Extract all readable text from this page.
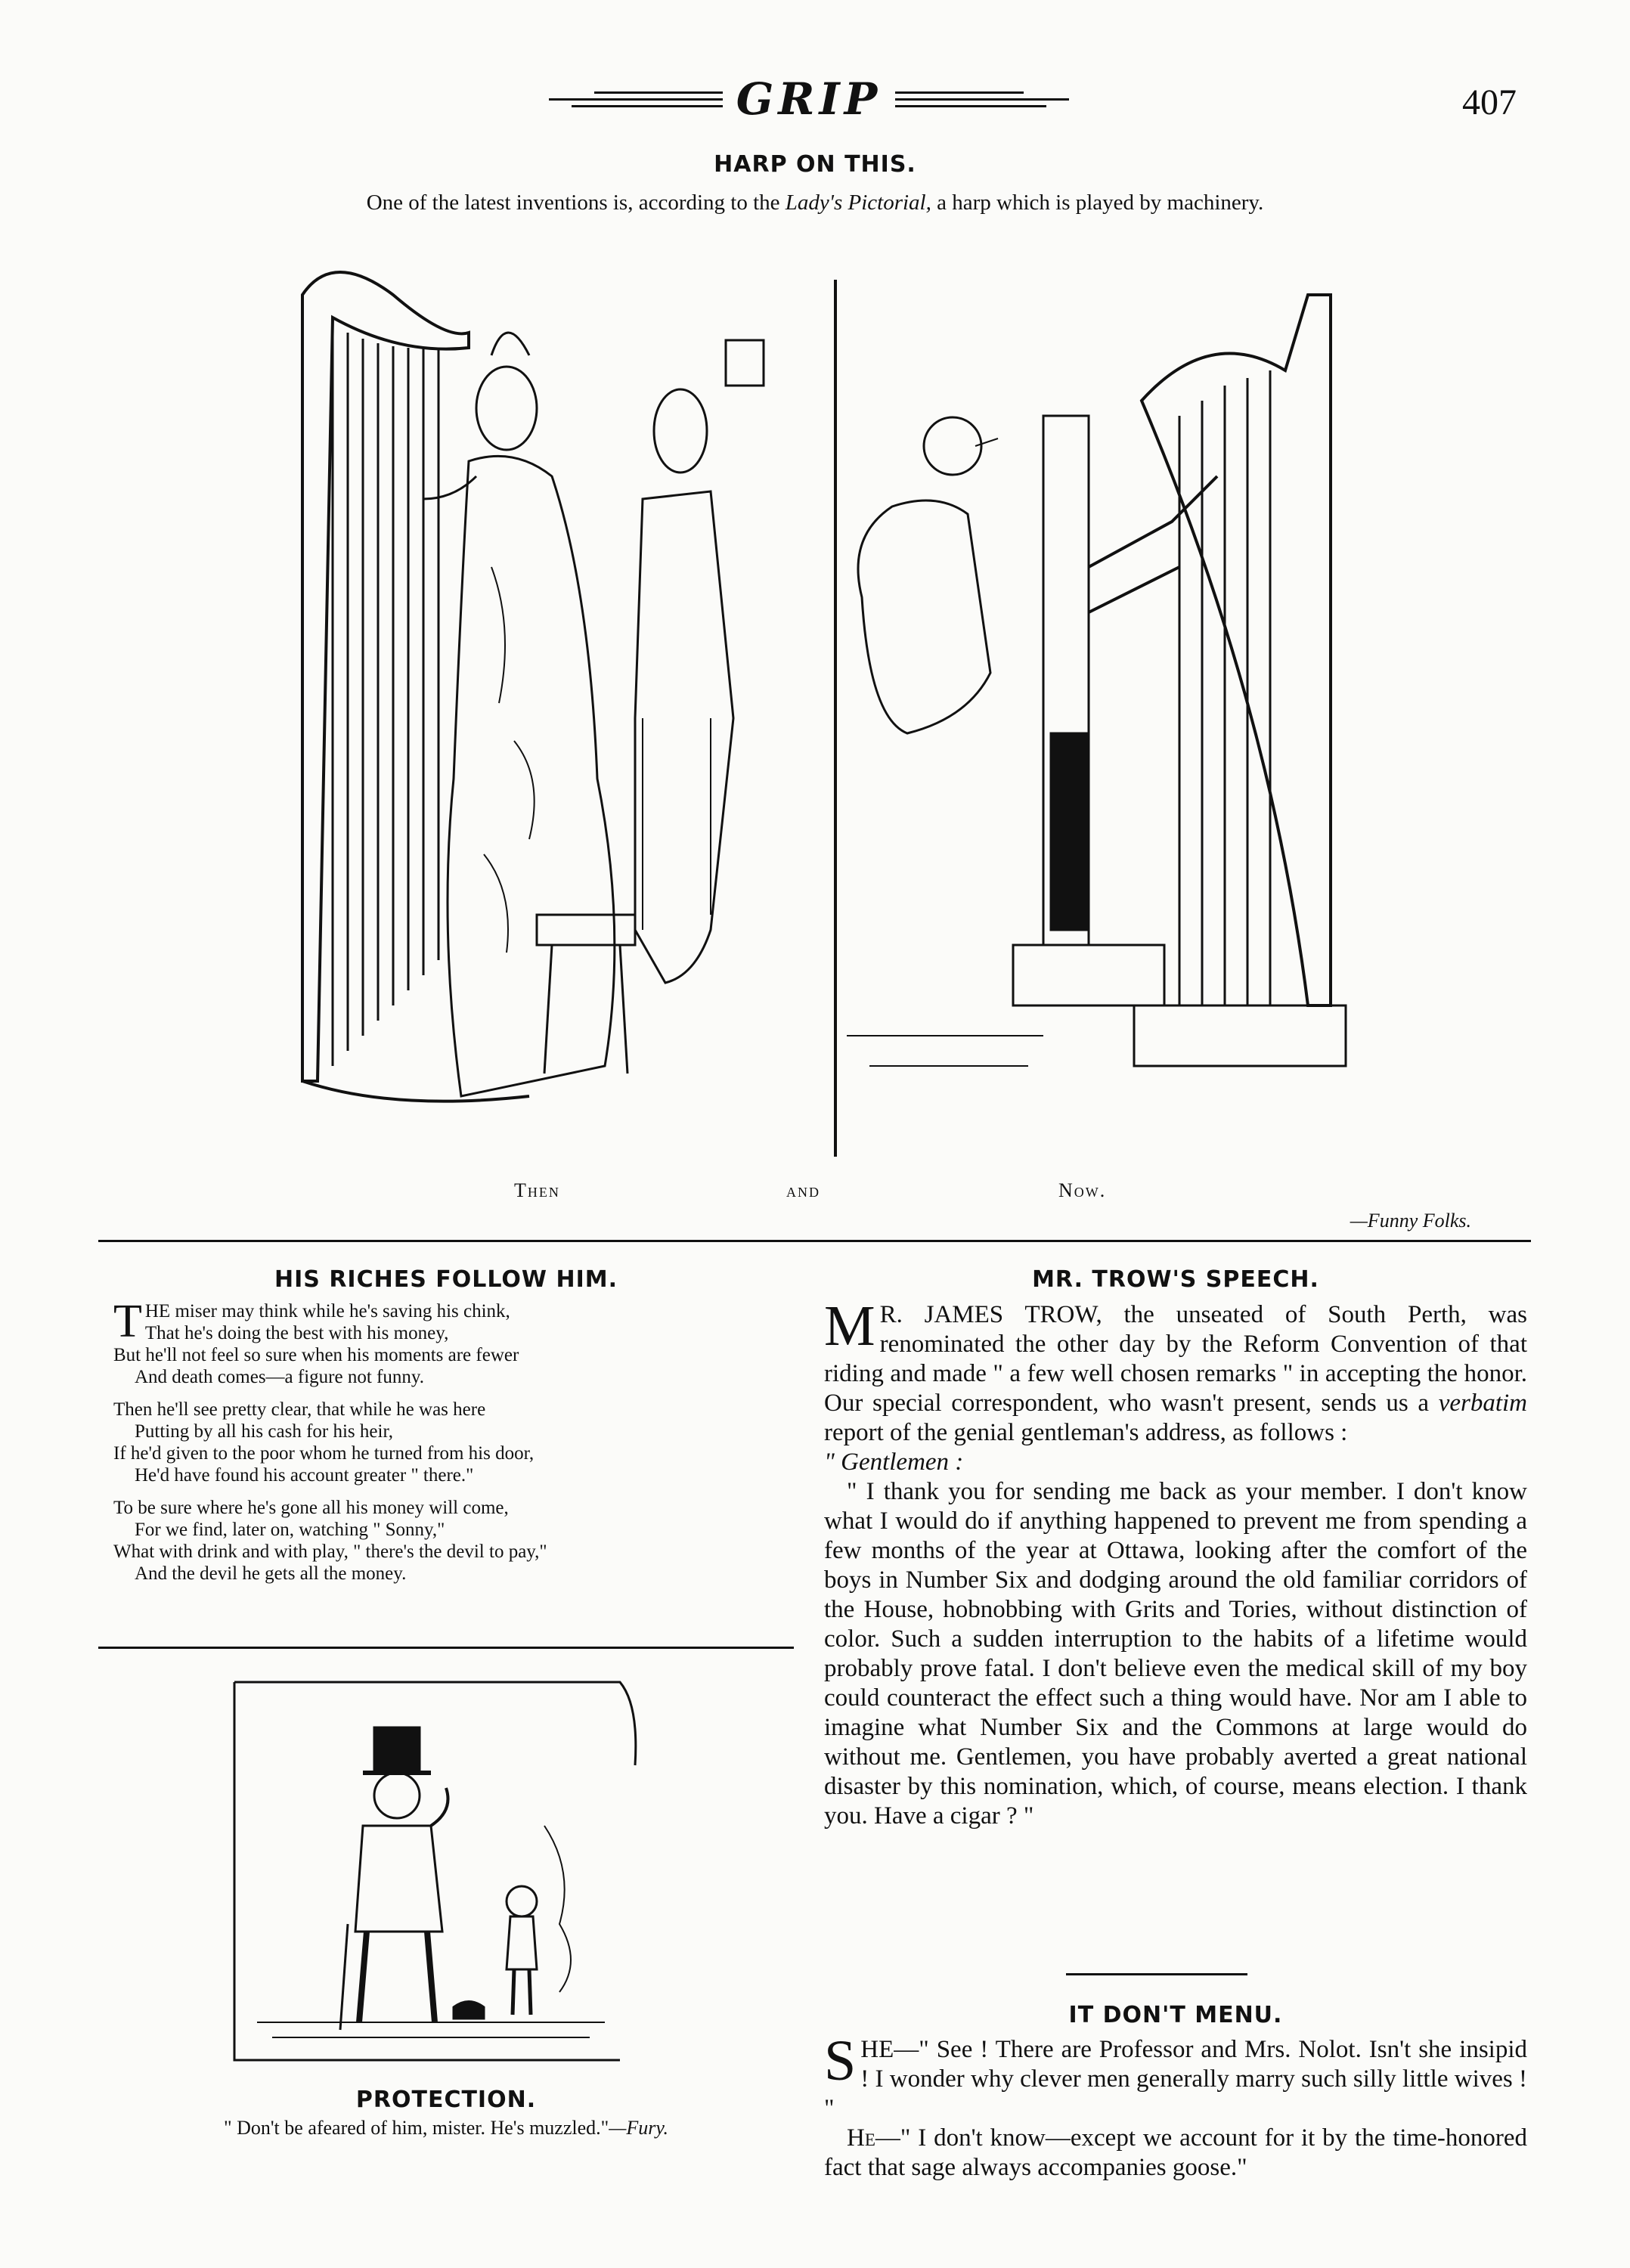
GRIP	407
HARP ON THIS.
One of the latest inventions is, according to the Lady's Pictorial, a harp which is played by machinery.
Then	and	Now.
—Funny Folks.
HIS RICHES FOLLOW HIM.
T HE miser may think while he's saving his chink,
That he's doing the best with his money,
But he'll not feel so sure when his moments are fewer
And death comes—a figure not funny.
Then he'll see pretty clear, that while he was here
Putting by all his cash for his heir,
If he'd given to the poor whom he turned from his door,
He'd have found his account greater " there."
To be sure where he's gone all his money will come,
For we find, later on, watching " Sonny,"
What with drink and with play, " there's the devil to pay,"
And the devil he gets all the money.
PROTECTION.
" Don't be afeared of him, mister. He's muzzled."—Fury.
MR. TROW'S SPEECH.

M R. JAMES TROW, the unseated of South Perth, was renominated the other day by the Reform Convention of that riding and made " a few well chosen remarks " in accepting the honor. Our special correspondent, who wasn't present, sends us a verbatim report of the genial gentleman's address, as follows :

" Gentlemen :

" I thank you for sending me back as your member. I don't know what I would do if anything happened to prevent me from spending a few months of the year at Ottawa, looking after the comfort of the boys in Number Six and dodging around the old familiar corridors of the House, hobnobbing with Grits and Tories, without distinction of color. Such a sudden interruption to the habits of a lifetime would probably prove fatal. I don't believe even the medical skill of my boy could counteract the effect such a thing would have. Nor am I able to imagine what Number Six and the Commons at large would do without me. Gentlemen, you have probably averted a great national disaster by this nomination, which, of course, means election. I thank you. Have a cigar ? "

IT DON'T MENU.

SHE—" See ! There are Professor and Mrs. Nolot. Isn't she insipid ! I wonder why clever men generally marry such silly little wives ! "

He—" I don't know—except we account for it by the time-honored fact that sage always accompanies goose."
